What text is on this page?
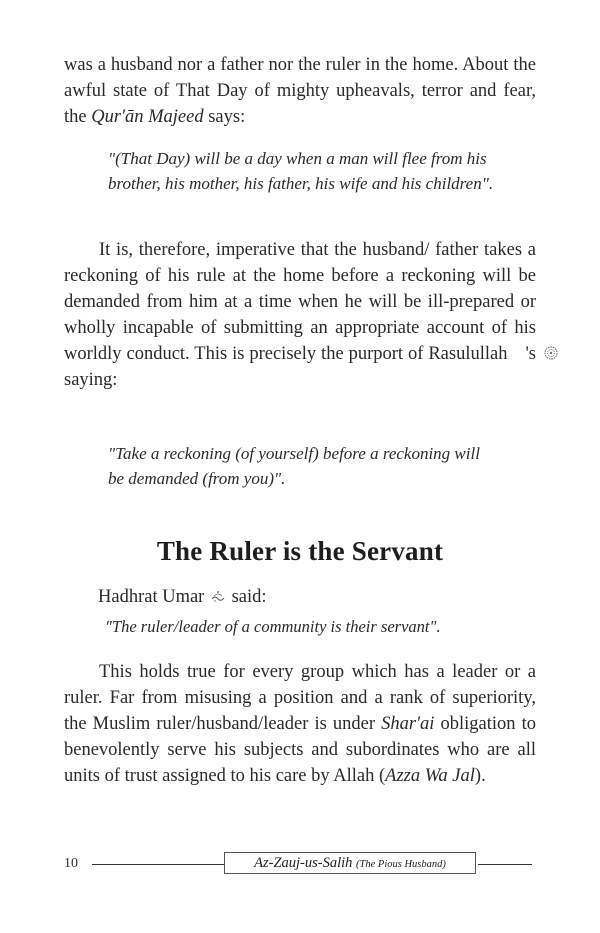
was a husband nor a father nor the ruler in the home. About the awful state of That Day of mighty upheavals, terror and fear, the Qur'ān Majeed says:

"(That Day) will be a day when a man will flee from his brother, his mother, his father, his wife and his children".

It is, therefore, imperative that the husband/ father takes a reckoning of his rule at the home before a reckoning will be demanded from him at a time when he will be ill-prepared or wholly incapable of submitting an appropriate account of his worldly conduct. This is precisely the purport of Rasulullah 's saying:

"Take a reckoning (of yourself) before a reckoning will be demanded (from you)".

The Ruler is the Servant

Hadhrat Umar  said:

"The ruler/leader of a community is their servant".

This holds true for every group which has a leader or a ruler. Far from misusing a position and a rank of superiority, the Muslim ruler/husband/leader is under Shar'ai obligation to benevolently serve his subjects and subordinates who are all units of trust assigned to his care by Allah (Azza Wa Jal).

10	Az-Zauj-us-Salih (The Pious Husband)
